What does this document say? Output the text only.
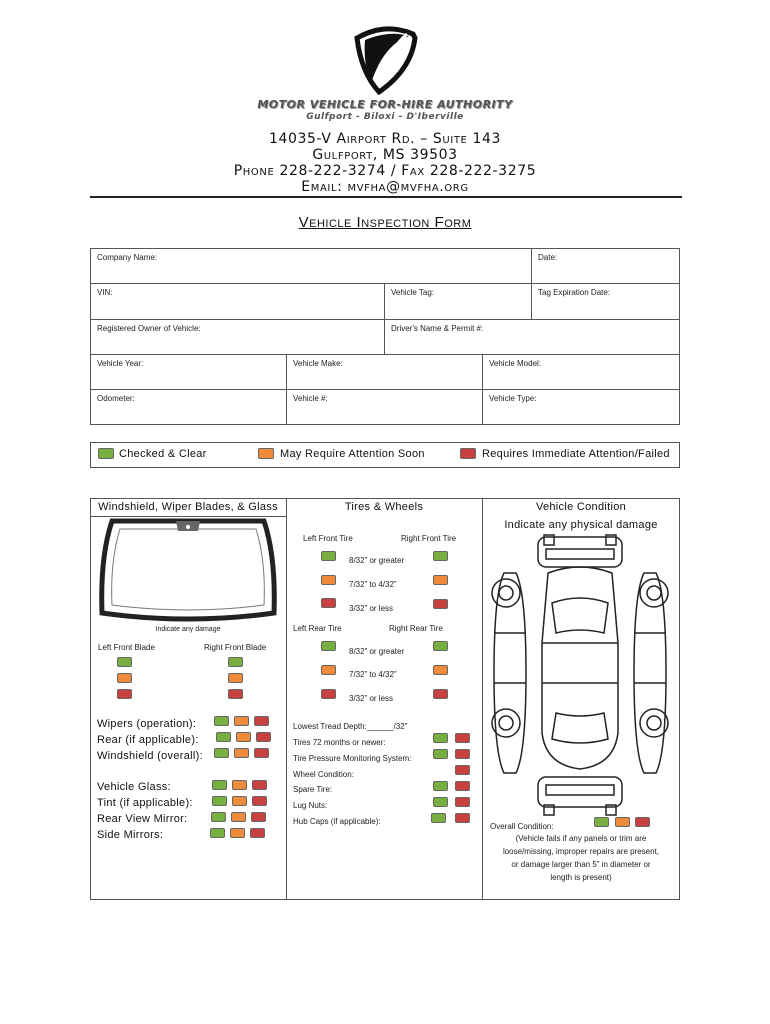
MOTOR VEHICLE FOR-HIRE AUTHORITY
Gulfport - Biloxi - D'Iberville
14035-V Airport Rd. – Suite 143
Gulfport, MS 39503
Phone 228-222-3274 / Fax 228-222-3275
Email: mvfha@mvfha.org
Vehicle Inspection Form
Company Name:	Date:
VIN:	Vehicle Tag:	Tag Expiration Date:
Registered Owner of Vehicle:	Driver's Name & Permit #:
Vehicle Year:	Vehicle Make:	Vehicle Model:
Odometer:	Vehicle #:	Vehicle Type:
Checked & Clear	May Require Attention Soon	Requires Immediate Attention/Failed
Windshield, Wiper Blades, & Glass
Indicate any damage
Left Front Blade	Right Front Blade
Wipers (operation):
Rear (if applicable):
Windshield (overall):
Vehicle Glass:
Tint (if applicable):
Rear View Mirror:
Side Mirrors:
Tires & Wheels
Left Front Tire	Right Front Tire
8/32” or greater
7/32” to 4/32”
3/32” or less
Left Rear Tire	Right Rear Tire
8/32” or greater
7/32” to 4/32”
3/32” or less
Lowest Tread Depth:______/32”
Tires 72 months or newer:
Tire Pressure Monitoring System:
Wheel Condition:
Spare Tire:
Lug Nuts:
Hub Caps (if applicable):
Vehicle Condition
Indicate any physical damage
Overall Condition:
(Vehicle fails if any panels or trim are
loose/missing, improper repairs are present,
or damage larger than 5” in diameter or
length is present)
